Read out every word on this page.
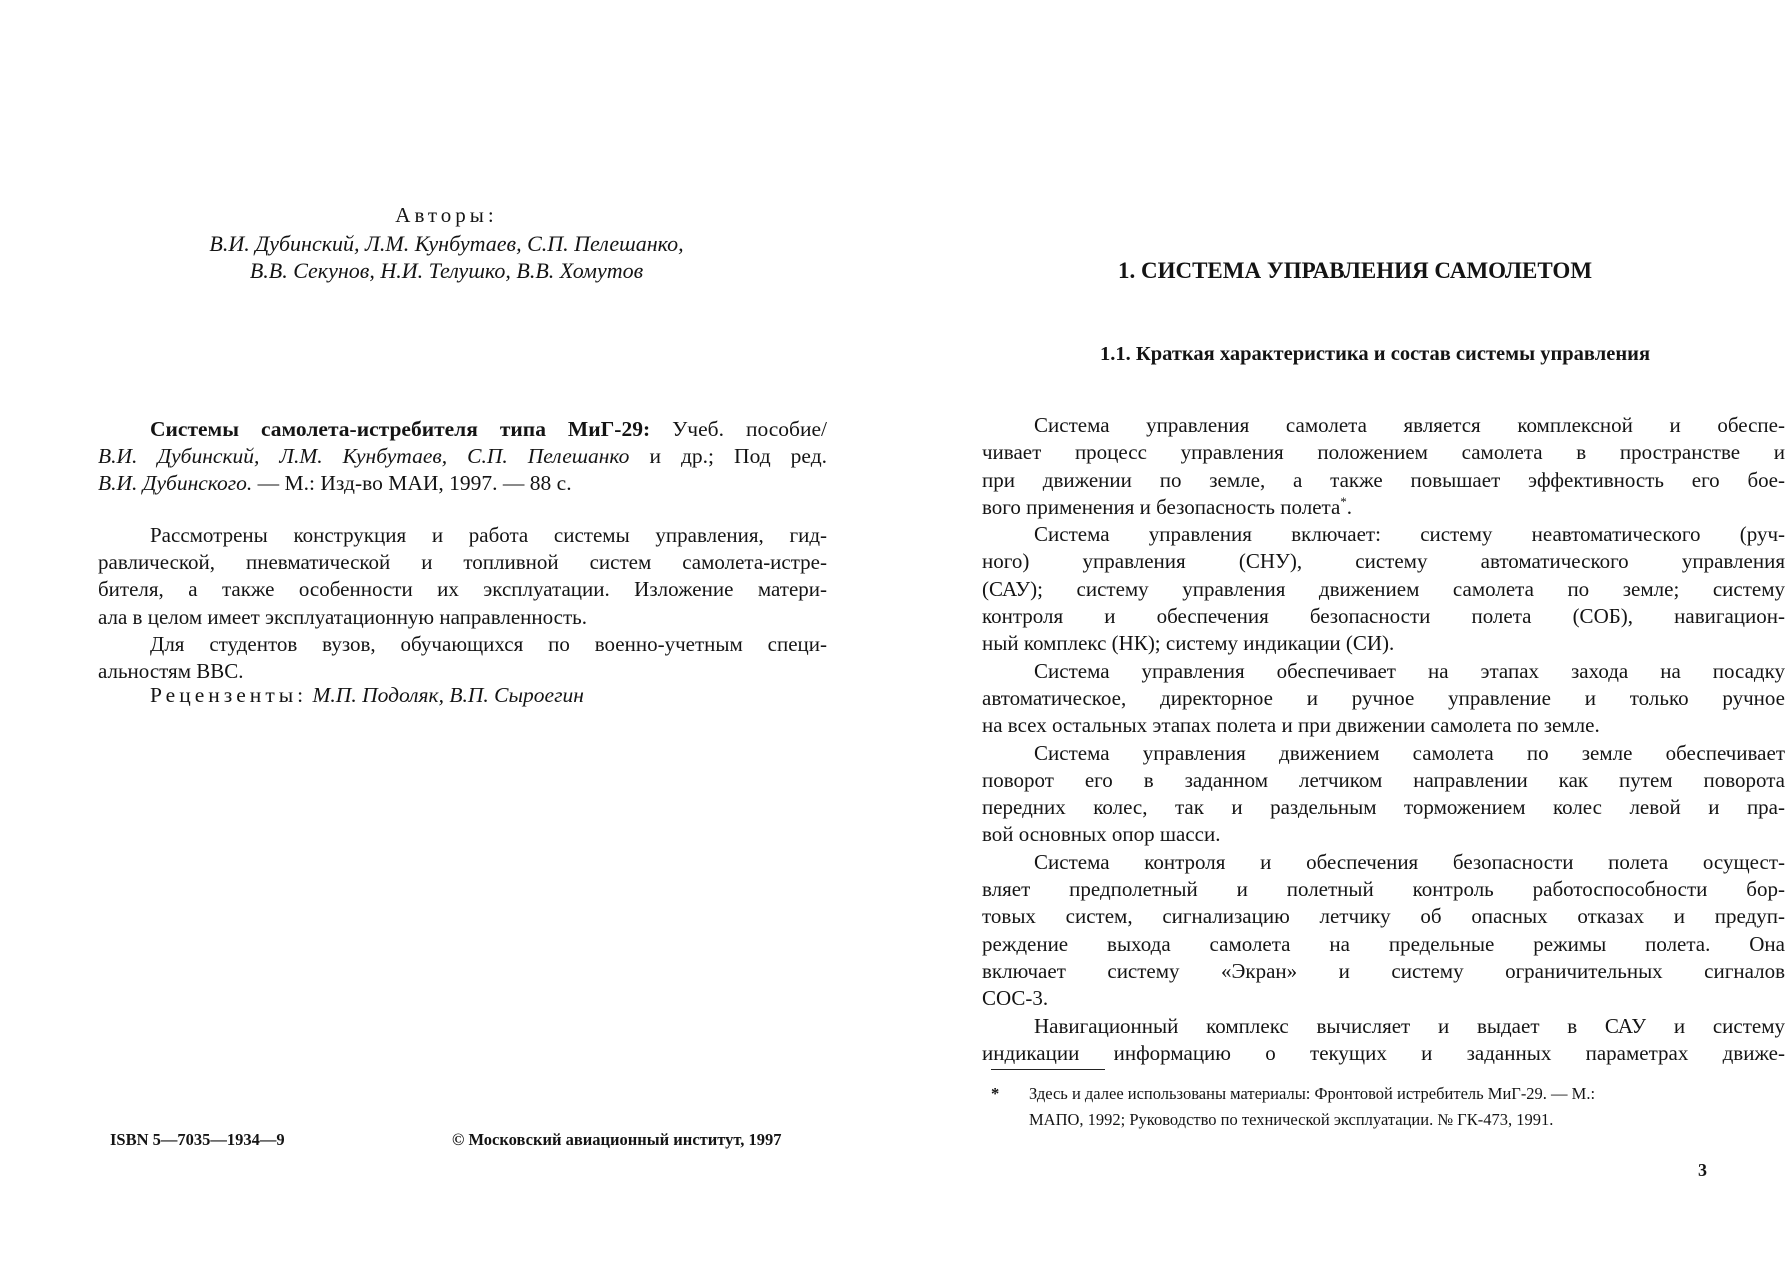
Авторы:
В.И. Дубинский, Л.М. Кунбутаев, С.П. Пелешанко,
В.В. Секунов, Н.И. Телушко, В.В. Хомутов
Системы самолета-истребителя типа МиГ-29: Учеб. пособие/
В.И. Дубинский, Л.М. Кунбутаев, С.П. Пелешанко и др.; Под ред.
В.И. Дубинского. — М.: Изд-во МАИ, 1997. — 88 с.
Рассмотрены конструкция и работа системы управления, гид-
равлической, пневматической и топливной систем самолета-истре-
бителя, а также особенности их эксплуатации. Изложение матери-
ала в целом имеет эксплуатационную направленность.
Для студентов вузов, обучающихся по военно-учетным специ-
альностям ВВС.
Рецензенты: М.П. Подоляк, В.П. Сыроегин
ISBN 5—7035—1934—9	© Московский авиационный институт, 1997
1. СИСТЕМА УПРАВЛЕНИЯ САМОЛЕТОМ
1.1. Краткая характеристика и состав системы управления
Система управления самолета является комплексной и обеспе-
чивает процесс управления положением самолета в пространстве и
при движении по земле, а также повышает эффективность его боe-
вого применения и безопасность полета*.
Система управления включает: систему неавтоматического (руч-
ного) управления (СНУ), систему автоматического управления
(САУ); систему управления движением самолета по земле; систему
контроля и обеспечения безопасности полета (СОБ), навигацион-
ный комплекс (НК); систему индикации (СИ).
Система управления обеспечивает на этапах захода на посадку
автоматическое, директорное и ручное управление и только ручное
на всех остальных этапах полета и при движении самолета по земле.
Система управления движением самолета по земле обеспечивает
поворот его в заданном летчиком направлении как путем поворота
передних колес, так и раздельным торможением колес левой и пра-
вой основных опор шасси.
Система контроля и обеспечения безопасности полета осущест-
вляет предполетный и полетный контроль работоспособности бор-
товых систем, сигнализацию летчику об опасных отказах и предуп-
реждение выхода самолета на предельные режимы полета. Она
включает систему «Экран» и систему ограничительных сигналов
СОС-3.
Навигационный комплекс вычисляет и выдает в САУ и систему
индикации информацию о текущих и заданных параметрах движе-
* Здесь и далее использованы материалы: Фронтовой истребитель МиГ-29. — М.:
МАПО, 1992; Руководство по технической эксплуатации. № ГК-473, 1991.
3
